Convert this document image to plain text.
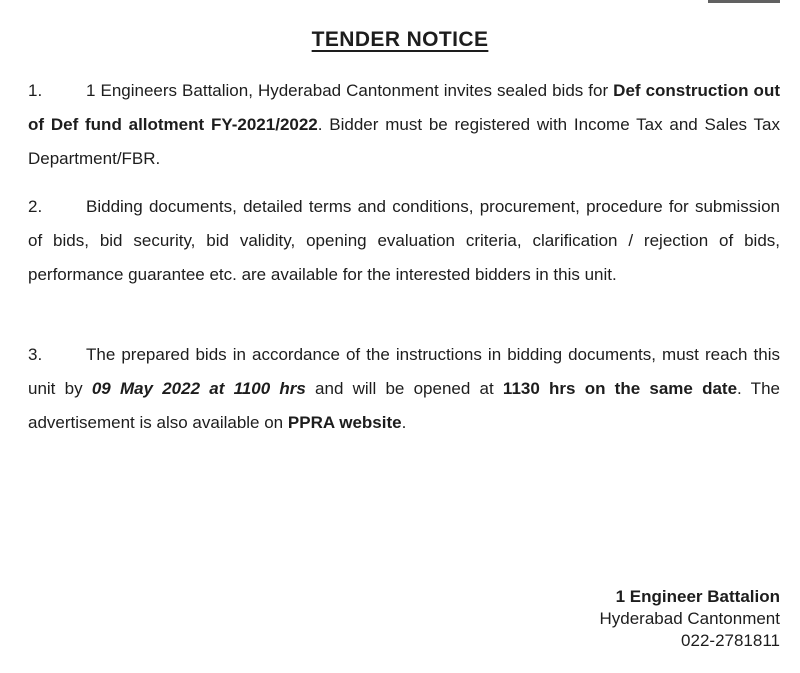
TENDER NOTICE
1.	1 Engineers Battalion, Hyderabad Cantonment invites sealed bids for Def construction out of Def fund allotment FY-2021/2022. Bidder must be registered with Income Tax and Sales Tax Department/FBR.
2.	Bidding documents, detailed terms and conditions, procurement, procedure for submission of bids, bid security, bid validity, opening evaluation criteria, clarification / rejection of bids, performance guarantee etc. are available for the interested bidders in this unit.
3.	The prepared bids in accordance of the instructions in bidding documents, must reach this unit by 09 May 2022 at 1100 hrs and will be opened at 1130 hrs on the same date. The advertisement is also available on PPRA website.
1 Engineer Battalion
Hyderabad Cantonment
022-2781811
